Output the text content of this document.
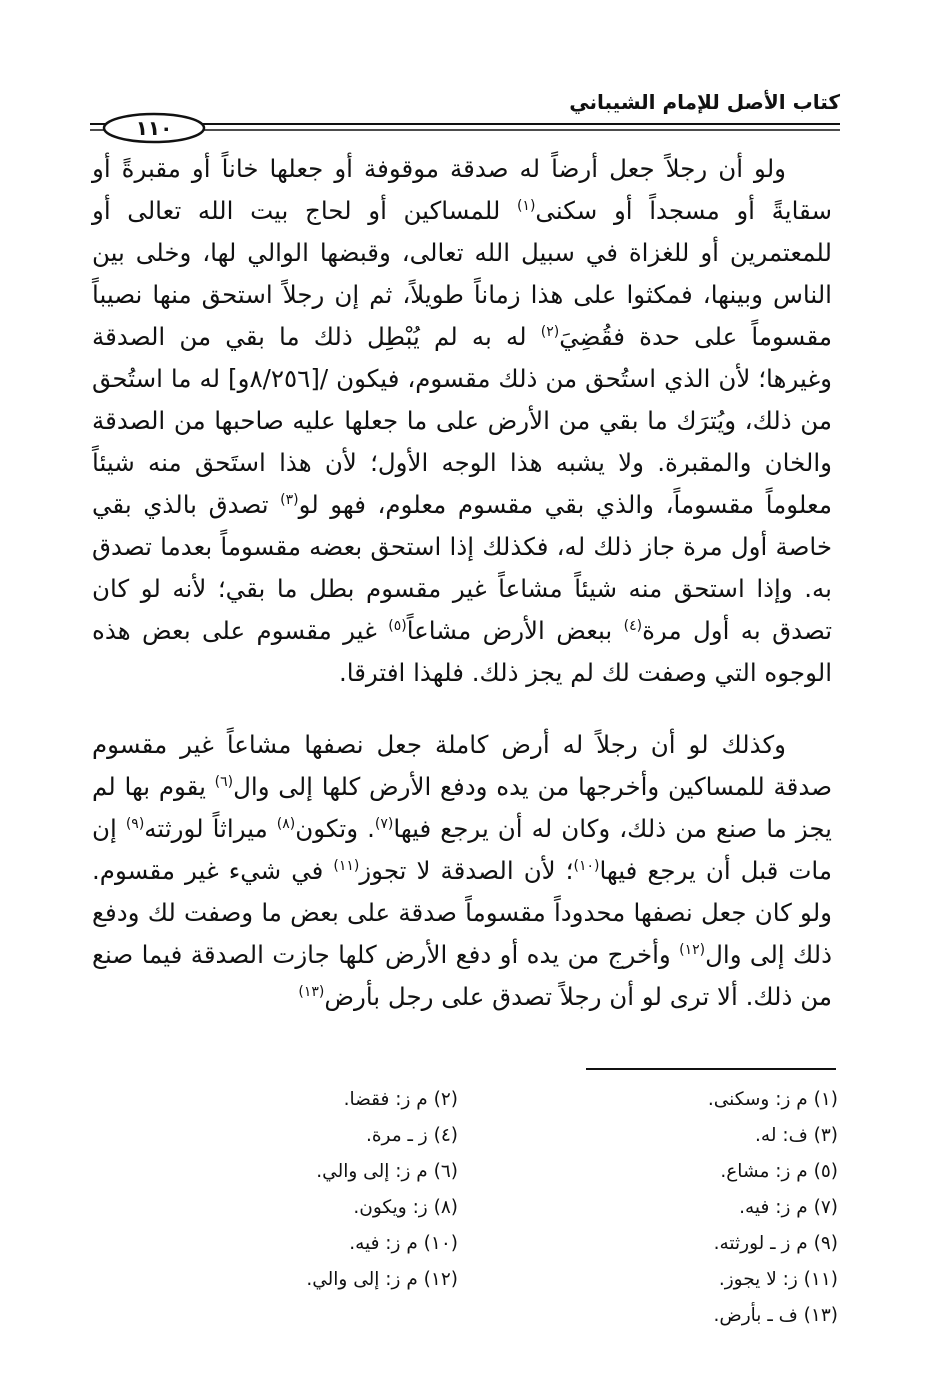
كتاب الأصل للإمام الشيباني
١١٠

ولو أن رجلاً جعل أرضاً له صدقة موقوفة أو جعلها خاناً أو مقبرةً أو سقايةً أو مسجداً أو سكنى$^{(١)}$ للمساكين أو لحاج بيت الله تعالى أو للمعتمرين أو للغزاة في سبيل الله تعالى، وقبضها الوالي لها، وخلى بين الناس وبينها، فمكثوا على هذا زماناً طويلاً، ثم إن رجلاً استحق منها نصيباً مقسوماً على حدة فقُضِيَ$^{(٢)}$ له به لم يُبْطِل ذلك ما بقي من الصدقة وغيرها؛ لأن الذي استُحق من ذلك مقسوم، فيكون /[٨/٢٥٦و] له ما استُحق من ذلك، ويُترَك ما بقي من الأرض على ما جعلها عليه صاحبها من الصدقة والخان والمقبرة. ولا يشبه هذا الوجه الأول؛ لأن هذا استَحق منه شيئاً معلوماً مقسوماً، والذي بقي مقسوم معلوم، فهو لو$^{(٣)}$ تصدق بالذي بقي خاصة أول مرة جاز ذلك له، فكذلك إذا استحق بعضه مقسوماً بعدما تصدق به. وإذا استحق منه شيئاً مشاعاً غير مقسوم بطل ما بقي؛ لأنه لو كان تصدق به أول مرة$^{(٤)}$ ببعض الأرض مشاعاً$^{(٥)}$ غير مقسوم على بعض هذه الوجوه التي وصفت لك لم يجز ذلك. فلهذا افترقا.

وكذلك لو أن رجلاً له أرض كاملة جعل نصفها مشاعاً غير مقسوم صدقة للمساكين وأخرجها من يده ودفع الأرض كلها إلى وال$^{(٦)}$ يقوم بها لم يجز ما صنع من ذلك، وكان له أن يرجع فيها$^{(٧)}$. وتكون$^{(٨)}$ ميراثاً لورثته$^{(٩)}$ إن مات قبل أن يرجع فيها$^{(١٠)}$؛ لأن الصدقة لا تجوز$^{(١١)}$ في شيء غير مقسوم. ولو كان جعل نصفها محدوداً مقسوماً صدقة على بعض ما وصفت لك ودفع ذلك إلى وال$^{(١٢)}$ وأخرج من يده أو دفع الأرض كلها جازت الصدقة فيما صنع من ذلك. ألا ترى لو أن رجلاً تصدق على رجل بأرض$^{(١٣)}$

(١) م ز: وسكنى.
(٣) ف: له.
(٥) م ز: مشاع.
(٧) م ز: فيه.
(٩) م ز ـ لورثته.
(١١) ز: لا يجوز.
(١٣) ف ـ بأرض.
(٢) م ز: فقضا.
(٤) ز ـ مرة.
(٦) م ز: إلى والي.
(٨) ز: ويكون.
(١٠) م ز: فيه.
(١٢) م ز: إلى والي.
